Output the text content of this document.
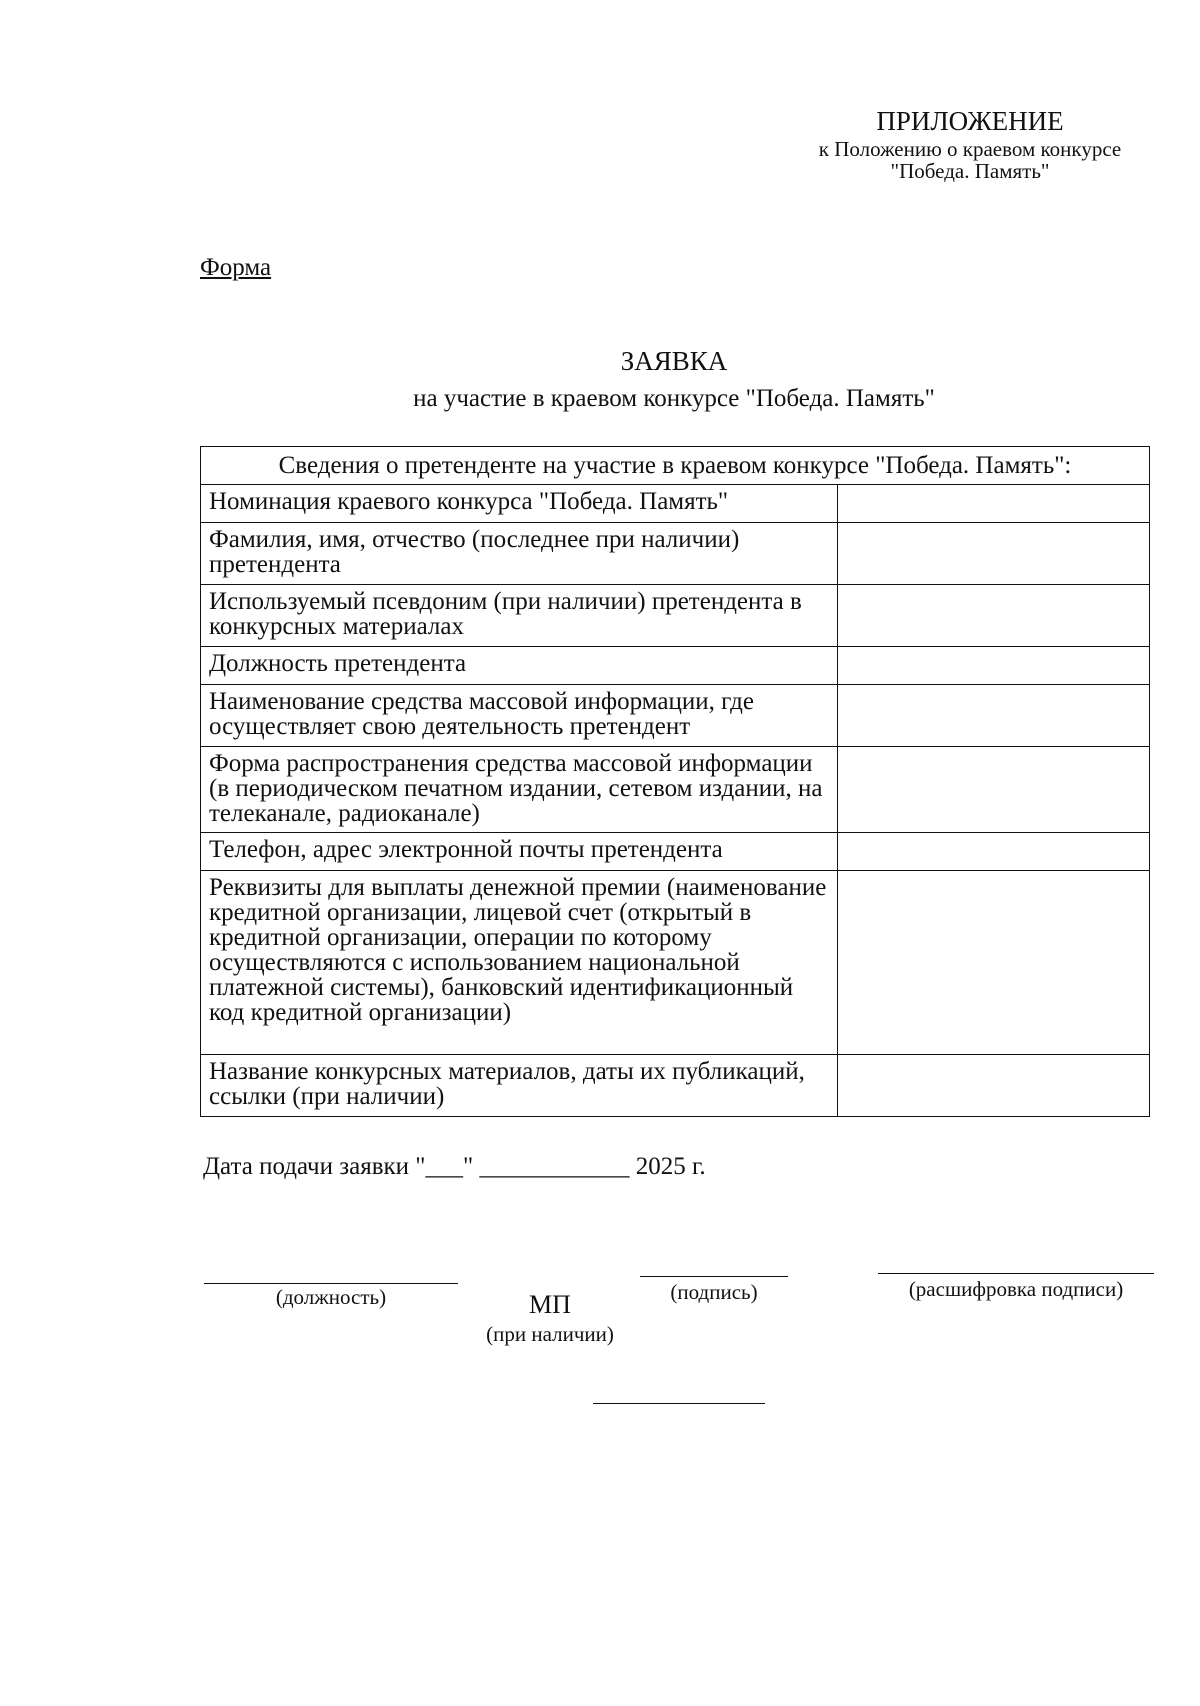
ПРИЛОЖЕНИЕ
к Положению о краевом конкурсе
"Победа. Память"
Форма
ЗАЯВКА
на участие в краевом конкурсе "Победа. Память"
Сведения о претенденте на участие в краевом конкурсе "Победа. Память":	
Номинация краевого конкурса "Победа. Память"	
Фамилия, имя, отчество (последнее при наличии) претендента	
Используемый псевдоним (при наличии) претендента в конкурсных материалах	
Должность претендента	
Наименование средства массовой информации, где осуществляет свою деятельность претендент	
Форма распространения средства массовой информации (в периодическом печатном издании, сетевом издании, на телеканале, радиоканале)	
Телефон, адрес электронной почты претендента	
Реквизиты для выплаты денежной премии (наименование кредитной организации, лицевой счет (открытый в кредитной организации, операции по которому осуществляются с использованием национальной платежной системы), банковский идентификационный код кредитной организации)	
Название конкурсных материалов, даты их публикаций, ссылки (при наличии)	
Дата подачи заявки "___" ____________ 2025 г.
(должность)	МП
(при наличии)
(подпись)	(расшифровка подписи)
